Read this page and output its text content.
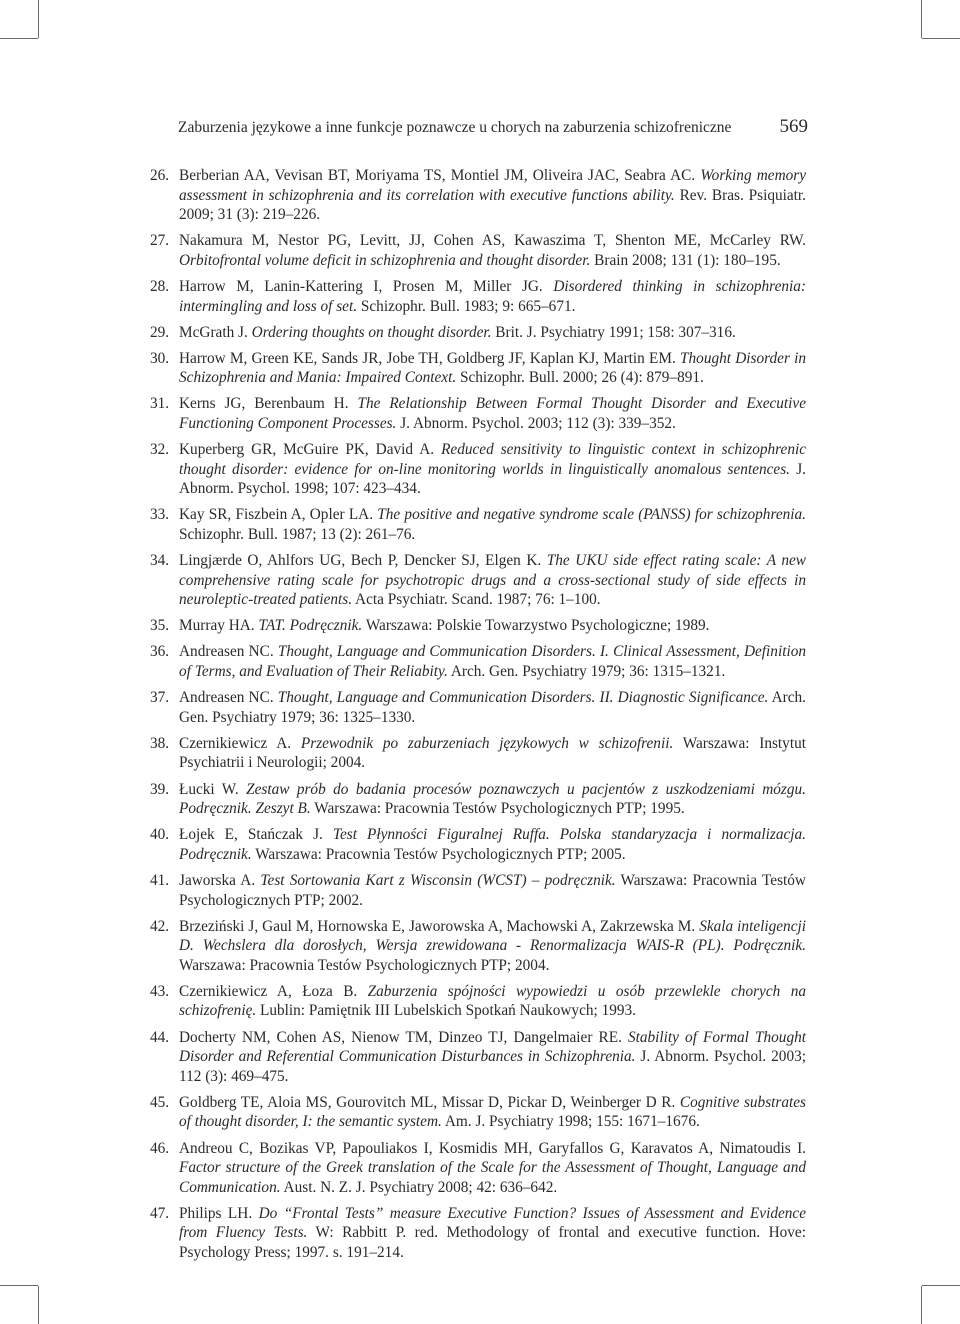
Zaburzenia językowe a inne funkcje poznawcze u chorych na zaburzenia schizofreniczne	569
26. Berberian AA, Vevisan BT, Moriyama TS, Montiel JM, Oliveira JAC, Seabra AC. Working memory assessment in schizophrenia and its correlation with executive functions ability. Rev. Bras. Psiquiatr. 2009; 31 (3): 219–226.
27. Nakamura M, Nestor PG, Levitt, JJ, Cohen AS, Kawaszima T, Shenton ME, McCarley RW. Orbitofrontal volume deficit in schizophrenia and thought disorder. Brain 2008; 131 (1): 180–195.
28. Harrow M, Lanin-Kattering I, Prosen M, Miller JG. Disordered thinking in schizophrenia: intermingling and loss of set. Schizophr. Bull. 1983; 9: 665–671.
29. McGrath J. Ordering thoughts on thought disorder. Brit. J. Psychiatry 1991; 158: 307–316.
30. Harrow M, Green KE, Sands JR, Jobe TH, Goldberg JF, Kaplan KJ, Martin EM. Thought Disorder in Schizophrenia and Mania: Impaired Context. Schizophr. Bull. 2000; 26 (4): 879–891.
31. Kerns JG, Berenbaum H. The Relationship Between Formal Thought Disorder and Executive Functioning Component Processes. J. Abnorm. Psychol. 2003; 112 (3): 339–352.
32. Kuperberg GR, McGuire PK, David A. Reduced sensitivity to linguistic context in schizophrenic thought disorder: evidence for on-line monitoring worlds in linguistically anomalous sentences. J. Abnorm. Psychol. 1998; 107: 423–434.
33. Kay SR, Fiszbein A, Opler LA. The positive and negative syndrome scale (PANSS) for schizophrenia. Schizophr. Bull. 1987; 13 (2): 261–76.
34. Lingjærde O, Ahlfors UG, Bech P, Dencker SJ, Elgen K. The UKU side effect rating scale: A new comprehensive rating scale for psychotropic drugs and a cross-sectional study of side effects in neuroleptic-treated patients. Acta Psychiatr. Scand. 1987; 76: 1–100.
35. Murray HA. TAT. Podręcznik. Warszawa: Polskie Towarzystwo Psychologiczne; 1989.
36. Andreasen NC. Thought, Language and Communication Disorders. I. Clinical Assessment, Definition of Terms, and Evaluation of Their Reliabity. Arch. Gen. Psychiatry 1979; 36: 1315–1321.
37. Andreasen NC. Thought, Language and Communication Disorders. II. Diagnostic Significance. Arch. Gen. Psychiatry 1979; 36: 1325–1330.
38. Czernikiewicz A. Przewodnik po zaburzeniach językowych w schizofrenii. Warszawa: Instytut Psychiatrii i Neurologii; 2004.
39. Łucki W. Zestaw prób do badania procesów poznawczych u pacjentów z uszkodzeniami mózgu. Podręcznik. Zeszyt B. Warszawa: Pracownia Testów Psychologicznych PTP; 1995.
40. Łojek E, Stańczak J. Test Płynności Figuralnej Ruffa. Polska standaryzacja i normalizacja. Podręcznik. Warszawa: Pracownia Testów Psychologicznych PTP; 2005.
41. Jaworska A. Test Sortowania Kart z Wisconsin (WCST) – podręcznik. Warszawa: Pracownia Testów Psychologicznych PTP; 2002.
42. Brzeziński J, Gaul M, Hornowska E, Jaworowska A, Machowski A, Zakrzewska M. Skala inteligencji D. Wechslera dla dorosłych, Wersja zrewidowana - Renormalizacja WAIS-R (PL). Podręcznik. Warszawa: Pracownia Testów Psychologicznych PTP; 2004.
43. Czernikiewicz A, Łoza B. Zaburzenia spójności wypowiedzi u osób przewlekle chorych na schizofrenię. Lublin: Pamiętnik III Lubelskich Spotkań Naukowych; 1993.
44. Docherty NM, Cohen AS, Nienow TM, Dinzeo TJ, Dangelmaier RE. Stability of Formal Thought Disorder and Referential Communication Disturbances in Schizophrenia. J. Abnorm. Psychol. 2003; 112 (3): 469–475.
45. Goldberg TE, Aloia MS, Gourovitch ML, Missar D, Pickar D, Weinberger D R. Cognitive substrates of thought disorder, I: the semantic system. Am. J. Psychiatry 1998; 155: 1671–1676.
46. Andreou C, Bozikas VP, Papouliakos I, Kosmidis MH, Garyfallos G, Karavatos A, Nimatoudis I. Factor structure of the Greek translation of the Scale for the Assessment of Thought, Language and Communication. Aust. N. Z. J. Psychiatry 2008; 42: 636–642.
47. Philips LH. Do “Frontal Tests” measure Executive Function? Issues of Assessment and Evidence from Fluency Tests. W: Rabbitt P. red. Methodology of frontal and executive function. Hove: Psychology Press; 1997. s. 191–214.
